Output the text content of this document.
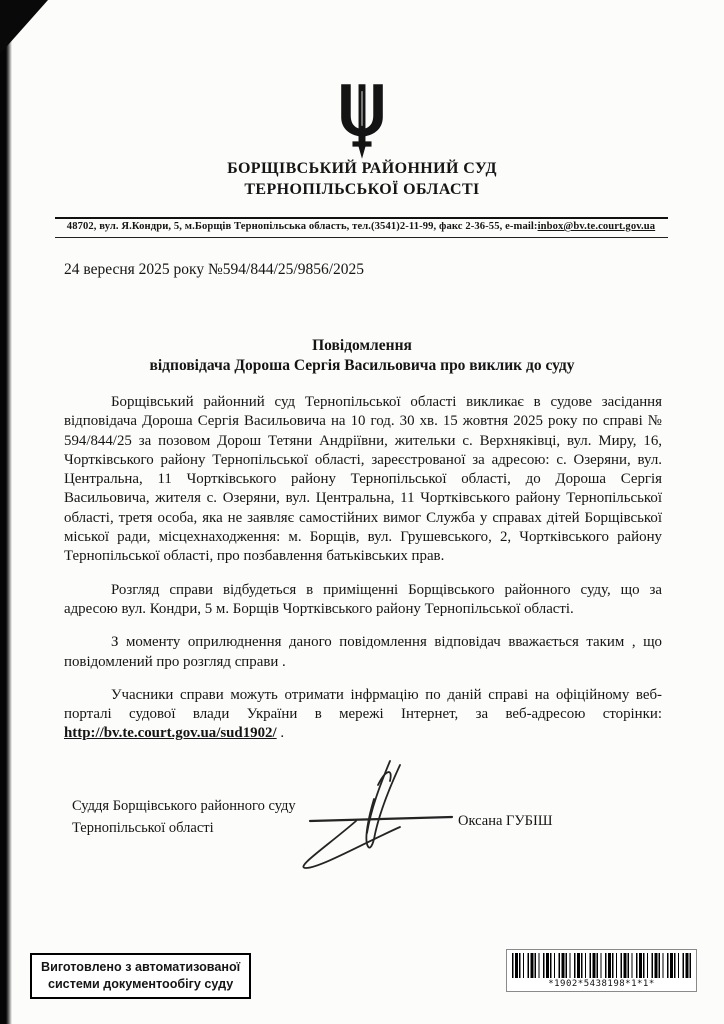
БОРЩІВСЬКИЙ РАЙОННИЙ СУД
ТЕРНОПІЛЬСЬКОЇ ОБЛАСТІ
48702, вул. Я.Кондри, 5, м.Борщів Тернопільська область, тел.(3541)2-11-99, факс 2-36-55, e-mail:inbox@bv.te.court.gov.ua
24 вересня 2025 року №594/844/25/9856/2025
Повідомлення
відповідача Дороша Сергія Васильовича про виклик до суду

Борщівський районний суд Тернопільської області викликає в судове засідання відповідача Дороша Сергія Васильовича на 10 год. 30 хв. 15 жовтня 2025 року по справі № 594/844/25 за позовом Дорош Тетяни Андріївни, жительки с. Верхняківці, вул. Миру, 16, Чортківського району Тернопільської області, зареєстрованої за адресою: с. Озеряни, вул. Центральна, 11 Чортківського району Тернопільської області, до Дороша Сергія Васильовича, жителя с. Озеряни, вул. Центральна, 11 Чортківського району Тернопільської області, третя особа, яка не заявляє самостійних вимог Служба у справах дітей Борщівської міської ради, місцехнаходження: м. Борщів, вул. Грушевського, 2, Чортківського району Тернопільської області, про позбавлення батьківських прав.

Розгляд справи відбудеться в приміщенні Борщівського районного суду, що за адресою вул. Кондри, 5 м. Борщів Чортківського району Тернопільської області.

З моменту оприлюднення даного повідомлення відповідач вважається таким , що повідомлений про розгляд справи .

Учасники справи можуть отримати інфрмацію по даній справі на офіційному веб-порталі судової влади України в мережі Інтернет, за веб-адресою сторінки: http://bv.te.court.gov.ua/sud1902/ .

Суддя Борщівського районного суду
Тернопільської області	Оксана ГУБІШ
Виготовлено з автоматизованої
системи документообігу суду	*1902*5438198*1*1*
